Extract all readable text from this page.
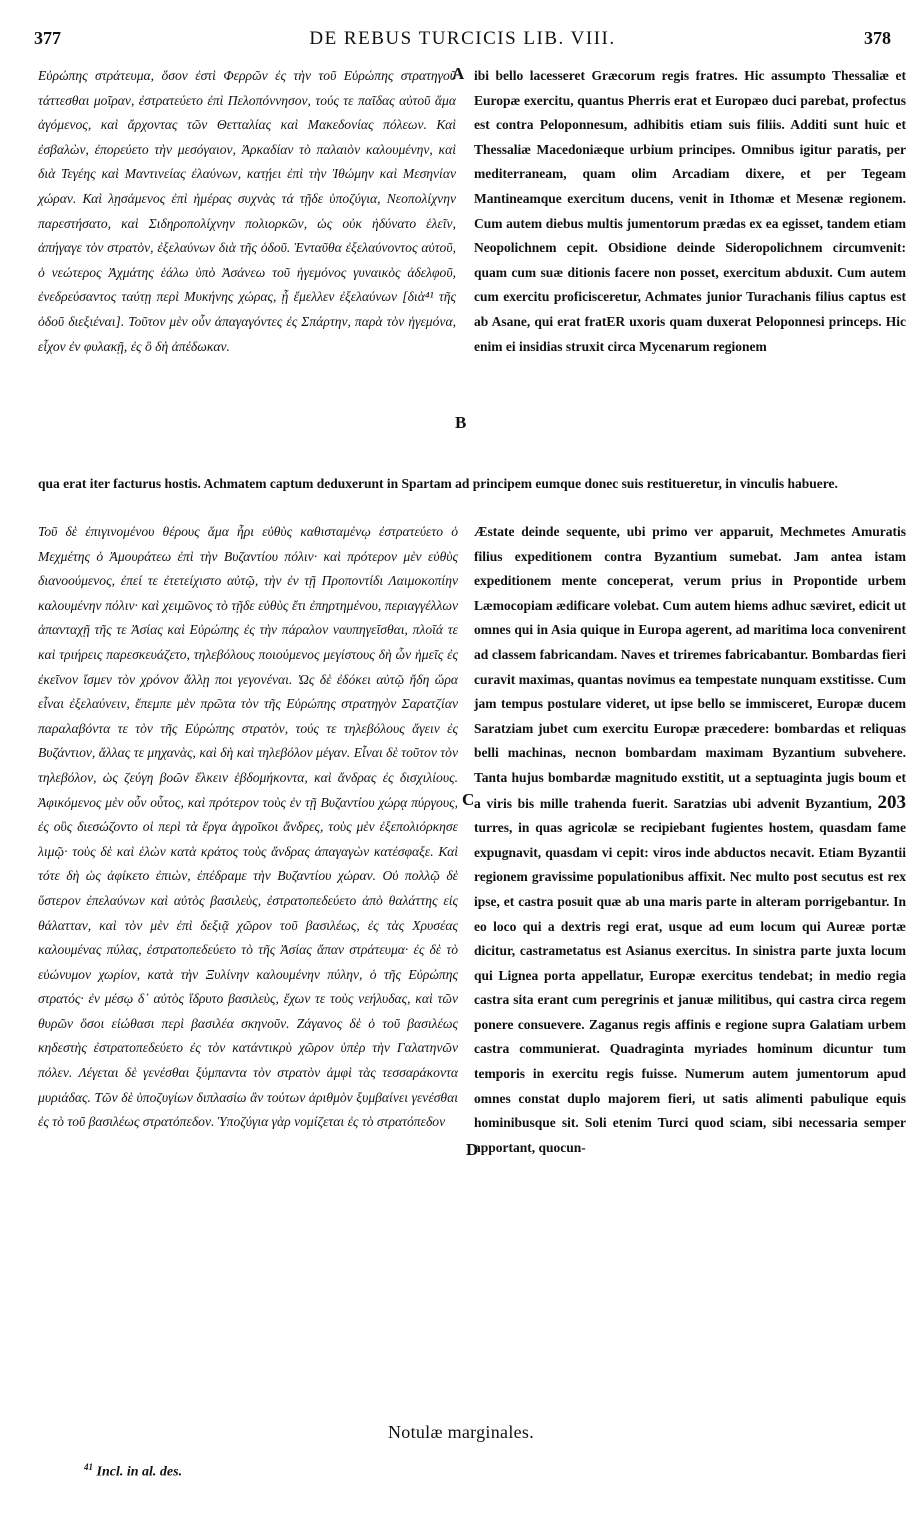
377	DE REBUS TURCICIS LIB. VIII.	378
A
B
C
D
Εὐρώπης στράτευμα, ὅσον ἐστὶ Φερρῶν ἐς τὴν τοῦ Εὐρώπης στρατηγοῦ τάττεσθαι μοῖραν, ἐστρατεύετο ἐπὶ Πελοπόννησον, τούς τε παῖδας αὐτοῦ ἅμα ἀγόμενος, καὶ ἄρχοντας τῶν Θετταλίας καὶ Μακεδονίας πόλεων. Καὶ ἐσβαλὼν, ἐπορεύετο τὴν μεσόγαιον, Ἀρκαδίαν τὸ παλαιὸν καλουμένην, καὶ διὰ Τεγέης καὶ Μαντινείας ἐλαύνων, κατῄει ἐπὶ τὴν Ἰθώμην καὶ Μεσηνίαν χώραν. Καὶ λῃσάμενος ἐπὶ ἡμέρας συχνὰς τά τῇδε ὑποζύγια, Νεοπολίχνην παρεστήσατο, καὶ Σιδηροπολίχνην πολιορκῶν, ὡς οὐκ ἠδύνατο ἑλεῖν, ἀπήγαγε τὸν στρατὸν, ἐξελαύνων διὰ τῆς ὁδοῦ. Ἐνταῦθα ἐξελαύνοντος αὐτοῦ, ὁ νεώτερος Ἀχμάτης ἑάλω ὑπὸ Ἀσάνεω τοῦ ἡγεμόνος γυναικὸς ἀδελφοῦ, ἐνεδρεύσαντος ταύτῃ περὶ Μυκήνης χώρας, ᾗ ἔμελλεν ἐξελαύνων [διὰ⁴¹ τῆς ὁδοῦ διεξιέναι]. Τοῦτον μὲν οὖν ἀπαγαγόντες ἐς Σπάρτην, παρὰ τὸν ἡγεμόνα, εἶχον ἐν φυλακῇ, ἐς ὃ δὴ ἀπέδωκαν.
ibi bello lacesseret Græcorum regis fratres. Hic assumpto Thessaliæ et Europæ exercitu, quantus Pherris erat et Europæo duci parebat, profectus est contra Peloponnesum, adhibitis etiam suis filiis. Additi sunt huic et Thessaliæ Macedoniæque urbium principes. Omnibus igitur paratis, per mediterraneam, quam olim Arcadiam dixere, et per Tegeam Mantineamque exercitum ducens, venit in Ithomæ et Mesenæ regionem. Cum autem diebus multis jumentorum prædas ex ea egisset, tandem etiam Neopolichnem cepit. Obsidione deinde Sideropolichnem circumvenit: quam cum suæ ditionis facere non posset, exercitum abduxit. Cum autem cum exercitu proficisceretur, Achmates junior Turachanis filius captus est ab Asane, qui erat fratER uxoris quam duxerat Peloponnesi princeps. Hic enim ei insidias struxit circa Mycenarum regionem
qua erat iter facturus hostis. Achmatem captum deduxerunt in Spartam ad principem eumque donec suis restitueretur, in vinculis habuere.
Τοῦ δὲ ἐπιγινομένου θέρους ἅμα ἦρι εὐθὺς καθισταμένῳ ἐστρατεύετο ὁ Μεχμέτης ὁ Ἀμουράτεω ἐπὶ τὴν Βυζαντίου πόλιν· καὶ πρότερον μὲν εὐθὺς διανοούμενος, ἐπεί τε ἐτετείχιστο αὐτῷ, τὴν ἐν τῇ Προποντίδι Λαιμοκοπίην καλουμένην πόλιν· καὶ χειμῶνος τὸ τῇδε εὐθὺς ἔτι ἐπηρτημένου, περιαγγέλλων ἁπανταχῇ τῆς τε Ἀσίας καὶ Εὐρώπης ἐς τὴν πάραλον ναυπηγεῖσθαι, πλοῖά τε καὶ τριήρεις παρεσκευάζετο, τηλεβόλους ποιούμενος μεγίστους δὴ ὧν ἡμεῖς ἐς ἐκεῖνον ἴσμεν τὸν χρόνον ἄλλῃ ποι γεγονέναι. Ὡς δὲ ἐδόκει αὐτῷ ἤδη ὥρα εἶναι ἐξελαύνειν, ἔπεμπε μὲν πρῶτα τὸν τῆς Εὐρώπης στρατηγὸν Σαρατζίαν παραλαβόντα τε τὸν τῆς Εὐρώπης στρατὸν, τούς τε τηλεβόλους ἄγειν ἐς Βυζάντιον, ἄλλας τε μηχανὰς, καὶ δὴ καὶ τηλεβόλον μέγαν. Εἶναι δὲ τοῦτον τὸν τηλεβόλον, ὡς ζεύγη βοῶν ἕλκειν ἑβδομήκοντα, καὶ ἄνδρας ἐς δισχιλίους. Ἀφικόμενος μὲν οὖν οὗτος, καὶ πρότερον τοὺς ἐν τῇ Βυζαντίου χώρᾳ πύργους, ἐς οὓς διεσώζοντο οἱ περὶ τὰ ἔργα ἀγροῖκοι ἄνδρες, τοὺς μὲν ἐξεπολιόρκησε λιμῷ· τοὺς δὲ καὶ ἑλὼν κατὰ κράτος τοὺς ἄνδρας ἀπαγαγὼν κατέσφαξε. Καὶ τότε δὴ ὡς ἀφίκετο ἐπιὼν, ἐπέδραμε τὴν Βυζαντίου χώραν. Οὐ πολλῷ δὲ ὕστερον ἐπελαύνων καὶ αὐτὸς βασιλεὺς, ἐστρατοπεδεύετο ἀπὸ θαλάττης εἰς θάλατταν, καὶ τὸν μὲν ἐπὶ δεξιᾷ χῶρον τοῦ βασιλέως, ἐς τὰς Χρυσέας καλουμένας πύλας, ἐστρατοπεδεύετο τὸ τῆς Ἀσίας ἅπαν στράτευμα· ἐς δὲ τὸ εὐώνυμον χωρίον, κατὰ τὴν Ξυλίνην καλουμένην πύλην, ὁ τῆς Εὐρώπης στρατός· ἐν μέσῳ δ᾽ αὐτὸς ἵδρυτο βασιλεὺς, ἔχων τε τοὺς νεήλυδας, καὶ τῶν θυρῶν ὅσοι εἰώθασι περὶ βασιλέα σκηνοῦν. Ζάγανος δὲ ὁ τοῦ βασιλέως κηδεστὴς ἐστρατοπεδεύετο ἐς τὸν κατάντικρὺ χῶρον ὑπὲρ τὴν Γαλατηνῶν πόλεν. Λέγεται δὲ γενέσθαι ξύμπαντα τὸν στρατὸν ἀμφὶ τὰς τεσσαράκοντα μυριάδας. Τῶν δὲ ὑποζυγίων διπλασίω ἂν τούτων ἀριθμὸν ξυμβαίνει γενέσθαι ἐς τὸ τοῦ βασιλέως στρατόπεδον. Ὑποζύγια γὰρ νομίζεται ἐς τὸ στρατόπεδον
Æstate deinde sequente, ubi primo ver apparuit, Mechmetes Amuratis filius expeditionem contra Byzantium sumebat. Jam antea istam expeditionem mente conceperat, verum prius in Propontide urbem Læmocopiam ædificare volebat. Cum autem hiems adhuc sæviret, edicit ut omnes qui in Asia quique in Europa agerent, ad maritima loca convenirent ad classem fabricandam. Naves et triremes fabricabantur. Bombardas fieri curavit maximas, quantas novimus ea tempestate nunquam exstitisse. Cum jam tempus postulare videret, ut ipse bello se immisceret, Europæ ducem Saratziam jubet cum exercitu Europæ præcedere: bombardas et reliquas belli machinas, necnon bombardam maximam Byzantium subvehere. Tanta hujus bombardæ magnitudo exstitit, ut a septuaginta jugis boum et a viris bis mille trahenda fuerit. Saratzias ubi advenit Byzantium, 203 turres, in quas agricolæ se recipiebant fugientes hostem, quasdam fame expugnavit, quasdam vi cepit: viros inde abductos necavit. Etiam Byzantii regionem gravissime populationibus affixit. Nec multo post secutus est rex ipse, et castra posuit quæ ab una maris parte in alteram porrigebantur. In eo loco qui a dextris regi erat, usque ad eum locum qui Aureæ portæ dicitur, castrametatus est Asianus exercitus. In sinistra parte juxta locum qui Lignea porta appellatur, Europæ exercitus tendebat; in medio regia castra sita erant cum peregrinis et januæ militibus, qui castra circa regem ponere consuevere. Zaganus regis affinis e regione supra Galatiam urbem castra communierat. Quadraginta myriades hominum dicuntur tum temporis in exercitu regis fuisse. Numerum autem jumentorum apud omnes constat duplo majorem fieri, ut satis alimenti pabulique equis hominibusque sit. Soli etenim Turci quod sciam, sibi necessaria semper apportant, quocun-
Notulæ marginales.
$^{41}$ Incl. in al. des.
